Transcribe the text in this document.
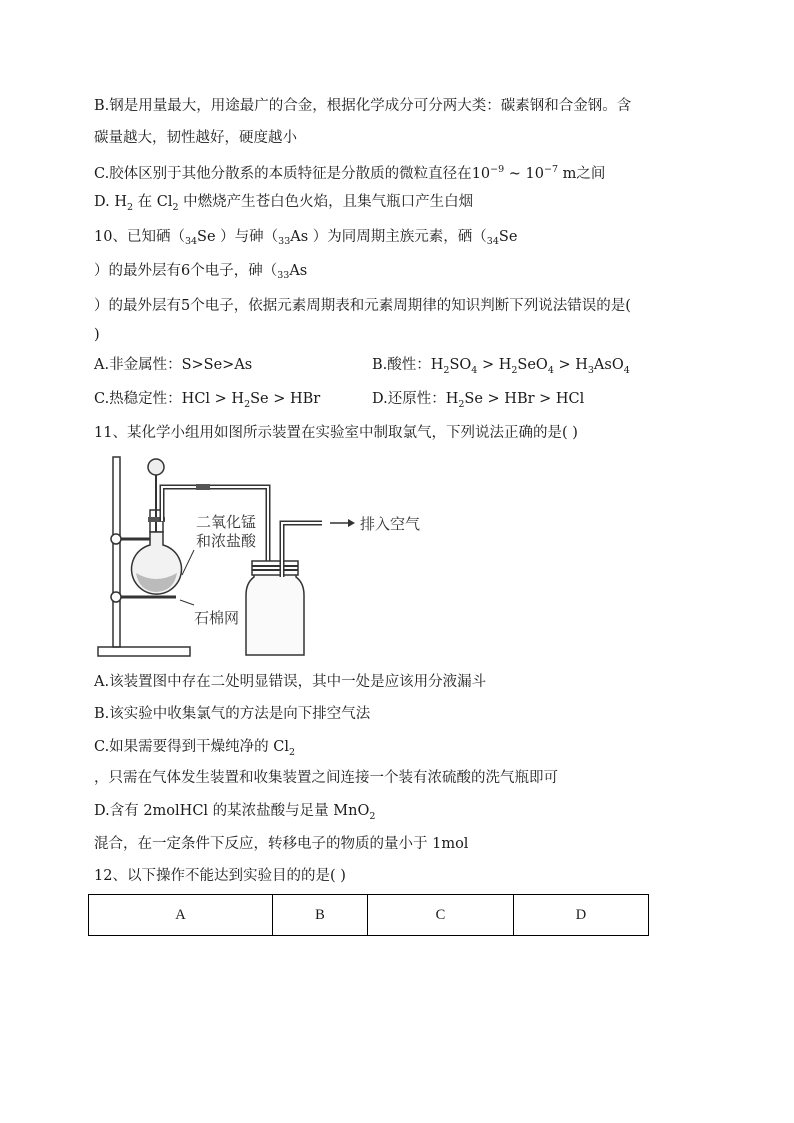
B.钢是用量最大，用途最广的合金，根据化学成分可分两大类：碳素钢和合金钢。含
碳量越大，韧性越好，硬度越小
C.胶体区别于其他分散系的本质特征是分散质的微粒直径在$10^{-9}$ ~ $10^{-7}$ m之间
D. $H_2$ 在 $Cl_2$ 中燃烧产生苍白色火焰，且集气瓶口产生白烟
10、已知硒（$_{34}Se$ ）与砷（$_{33}As$ ）为同周期主族元素，硒（$_{34}Se$
）的最外层有6个电子，砷（$_{33}As$
）的最外层有5个电子，依据元素周期表和元素周期律的知识判断下列说法错误的是(
)
A.非金属性：S>Se>As	B.酸性：$H_2SO_4 > H_2SeO_4 > H_3AsO_4$
C.热稳定性：HCl > $H_2Se$ > HBr	D.还原性：$H_2Se$ > HBr > HCl
11、某化学小组用如图所示装置在实验室中制取氯气，下列说法正确的是( )
二氧化锰
和浓盐酸
石棉网
排入空气
A.该装置图中存在二处明显错误，其中一处是应该用分液漏斗
B.该实验中收集氯气的方法是向下排空气法
C.如果需要得到干燥纯净的 $Cl_2$
，只需在气体发生装置和收集装置之间连接一个装有浓硫酸的洗气瓶即可
D.含有 2molHCl 的某浓盐酸与足量 MnO$_2$
混合，在一定条件下反应，转移电子的物质的量小于 1mol
12、以下操作不能达到实验目的的是( )
A	B	C	D
